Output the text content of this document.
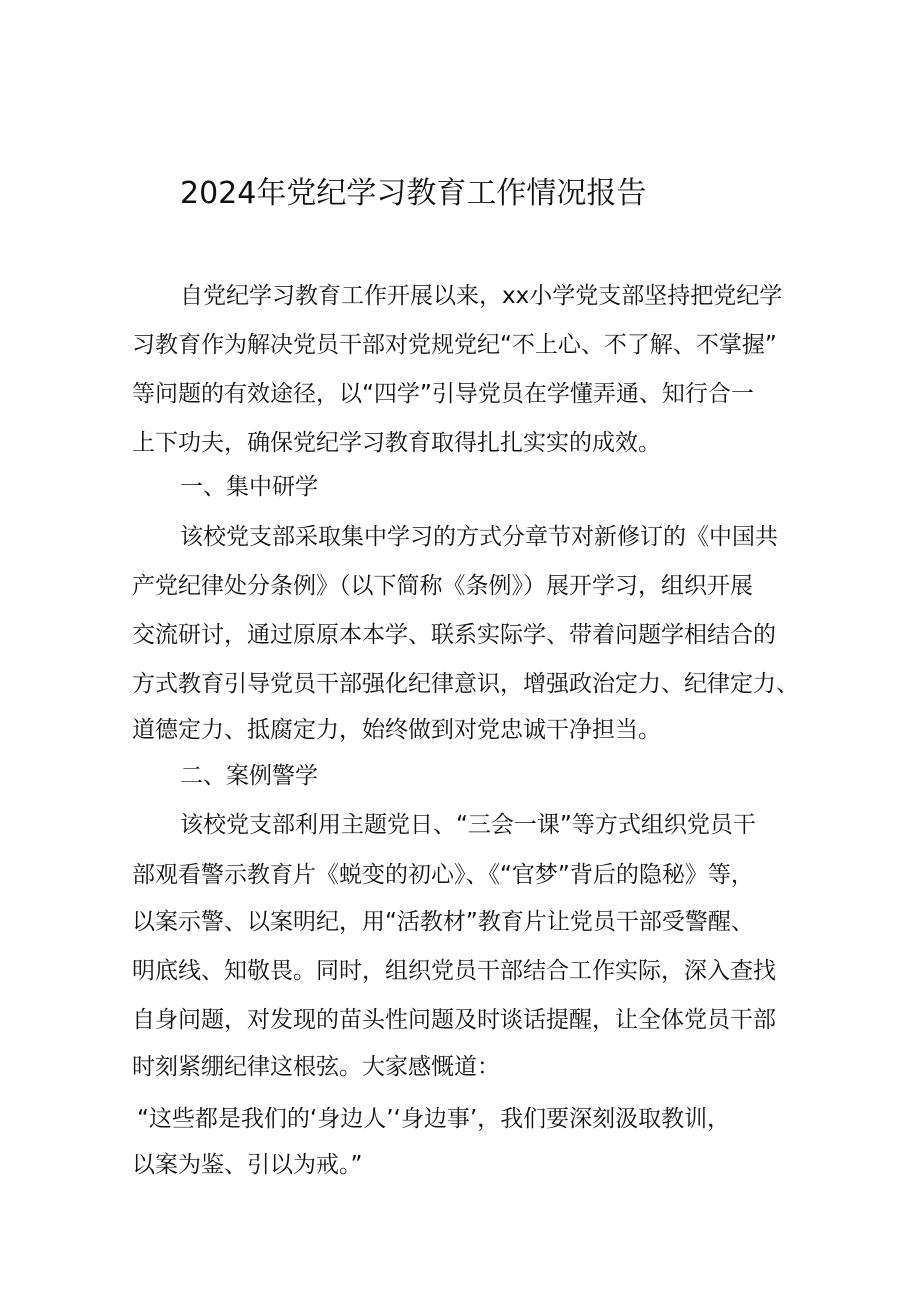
2024年党纪学习教育工作情况报告

自党纪学习教育工作开展以来，xx小学党支部坚持把党纪学

习教育作为解决党员干部对党规党纪“不上心、不了解、不掌握”

等问题的有效途径，以“四学”引导党员在学懂弄通、知行合一

上下功夫，确保党纪学习教育取得扎扎实实的成效。

一、集中研学

该校党支部采取集中学习的方式分章节对新修订的《中国共

产党纪律处分条例》（以下简称《条例》）展开学习，组织开展

交流研讨，通过原原本本学、联系实际学、带着问题学相结合的

方式教育引导党员干部强化纪律意识，增强政治定力、纪律定力、

道德定力、抵腐定力，始终做到对党忠诚干净担当。

二、案例警学

该校党支部利用主题党日、“三会一课”等方式组织党员干

部观看警示教育片《蜕变的初心》、《“官梦”背后的隐秘》等，

以案示警、以案明纪，用“活教材”教育片让党员干部受警醒、

明底线、知敬畏。同时，组织党员干部结合工作实际，深入查找

自身问题，对发现的苗头性问题及时谈话提醒，让全体党员干部

时刻紧绷纪律这根弦。大家感慨道：

“这些都是我们的‘身边人’‘身边事’，我们要深刻汲取教训，

以案为鉴、引以为戒。”
